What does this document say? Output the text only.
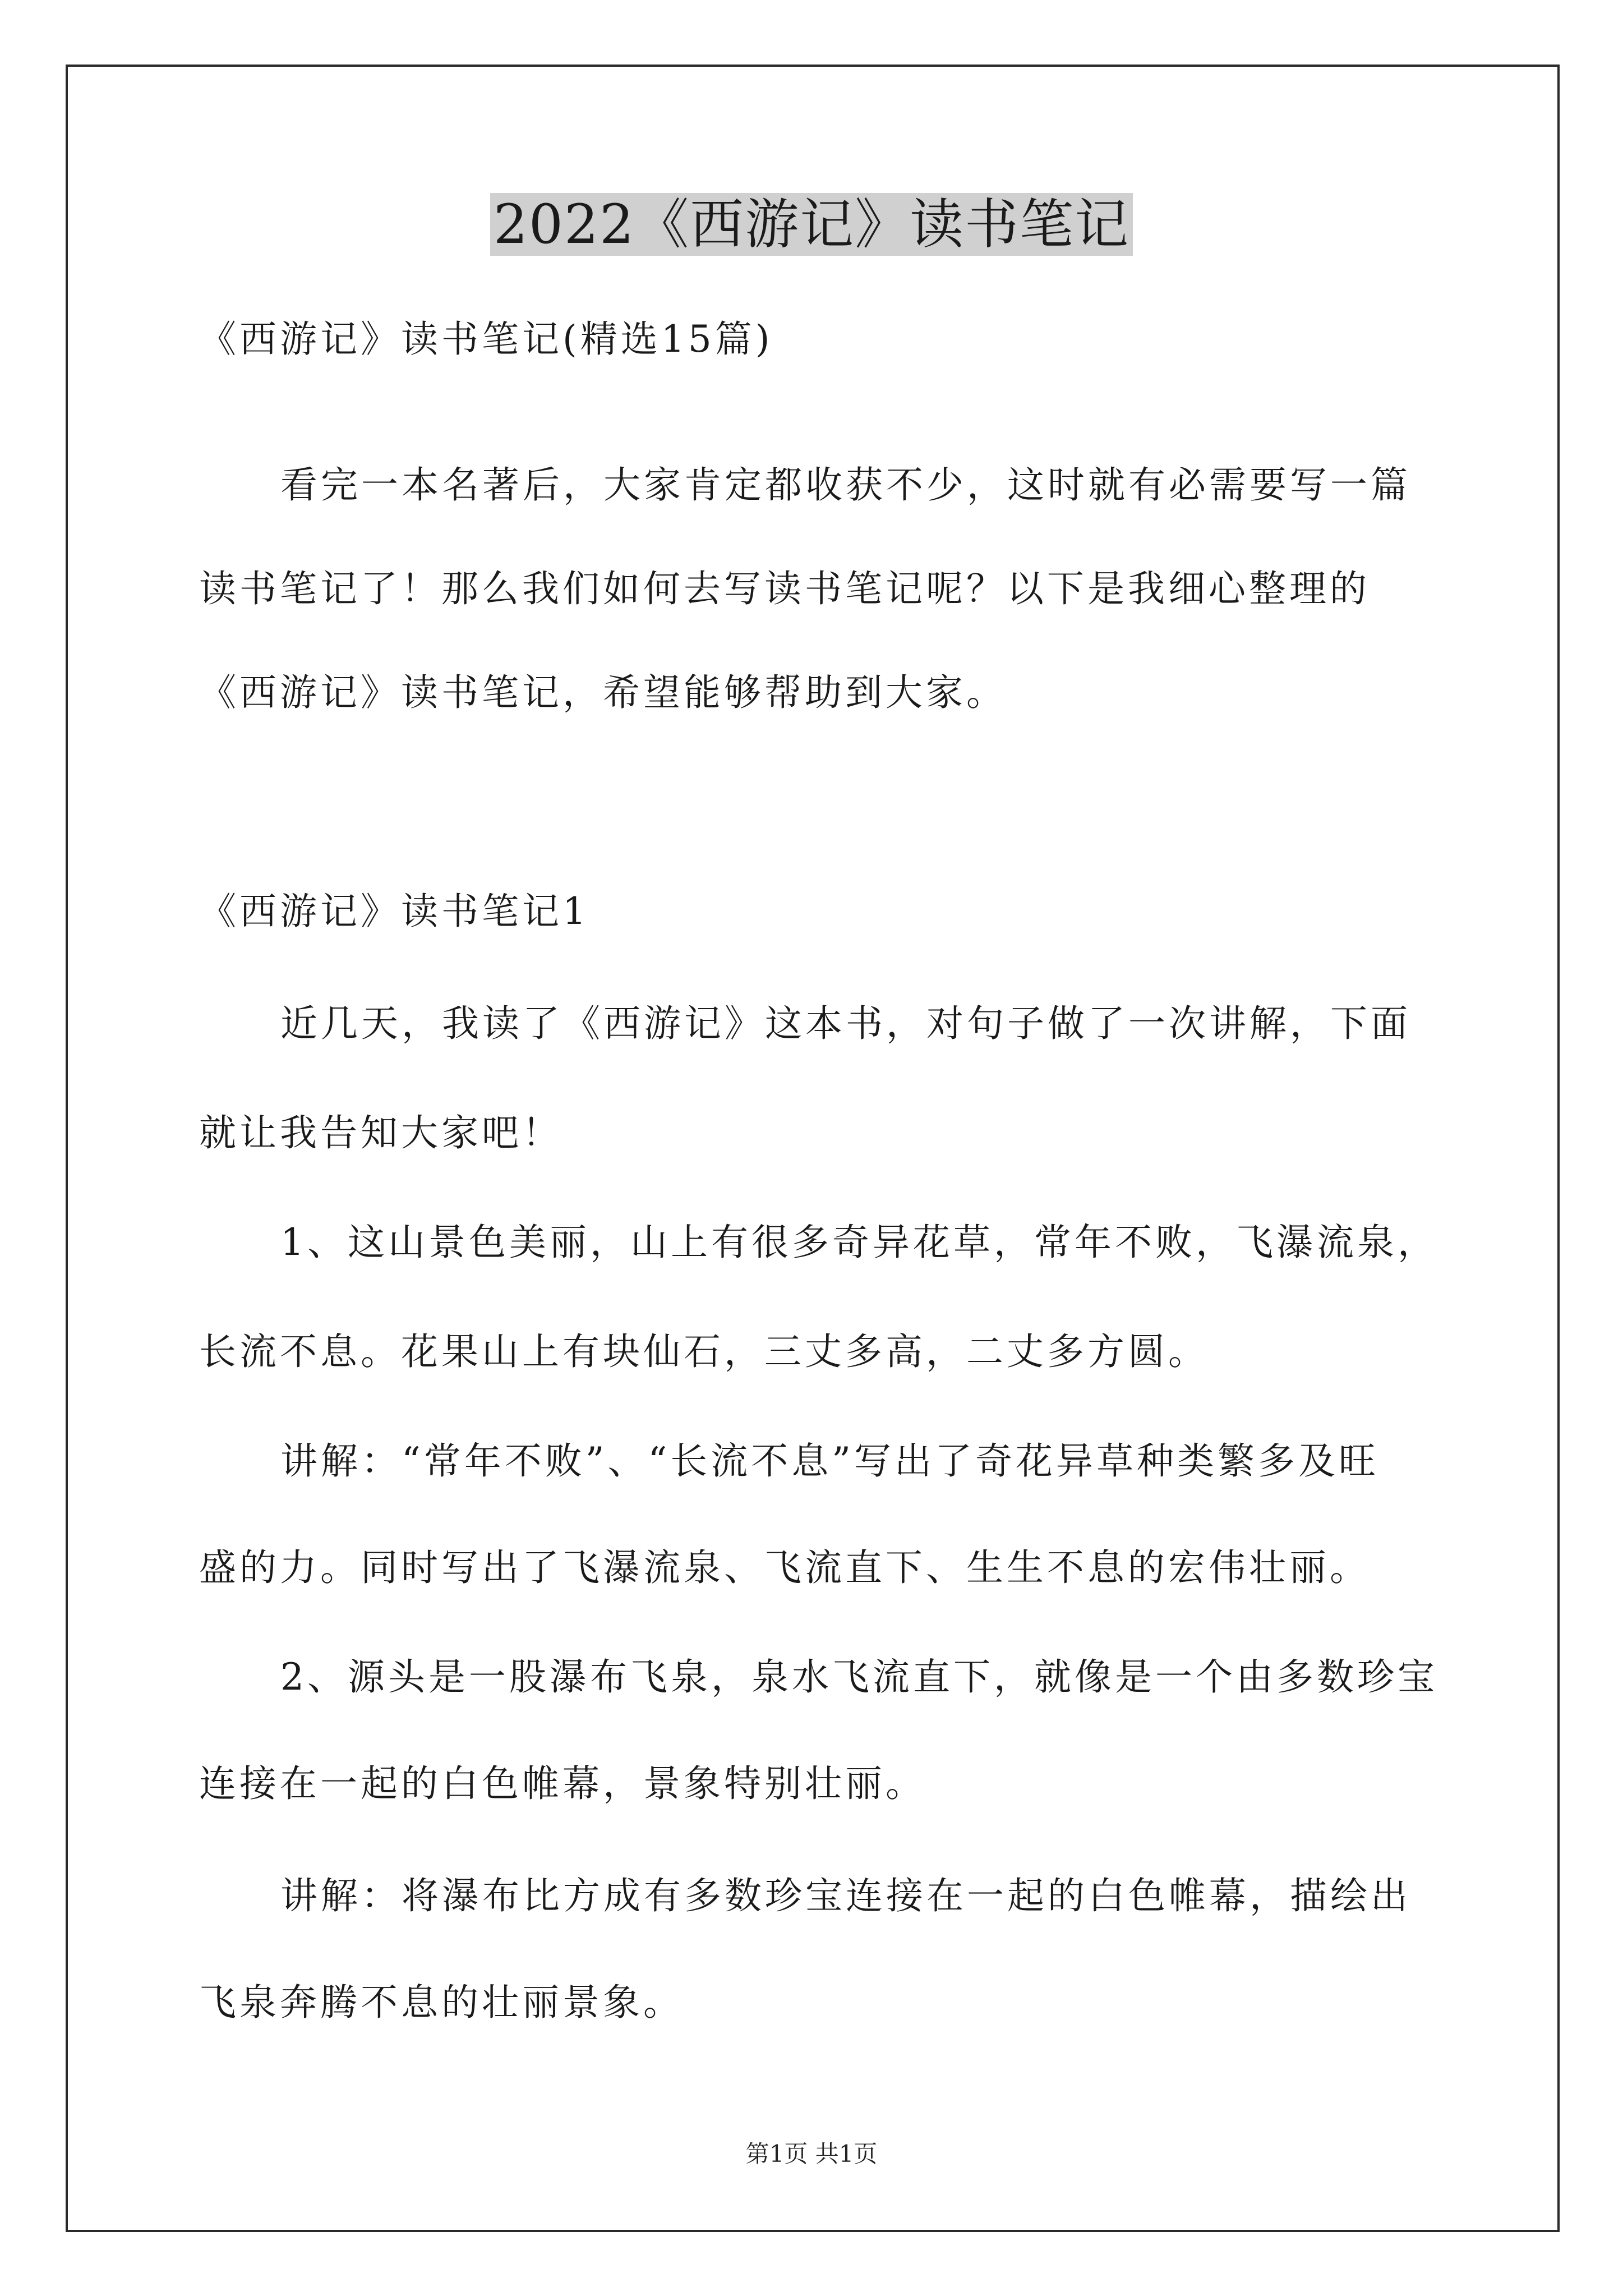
2022《西游记》读书笔记
《西游记》读书笔记(精选15篇)
看完一本名著后，大家肯定都收获不少，这时就有必需要写一篇
读书笔记了！那么我们如何去写读书笔记呢？以下是我细心整理的
《西游记》读书笔记，希望能够帮助到大家。
《西游记》读书笔记1
近几天，我读了《西游记》这本书，对句子做了一次讲解，下面
就让我告知大家吧！
1、这山景色美丽，山上有很多奇异花草，常年不败，飞瀑流泉，
长流不息。花果山上有块仙石，三丈多高，二丈多方圆。
讲解：“常年不败”、“长流不息”写出了奇花异草种类繁多及旺
盛的力。同时写出了飞瀑流泉、飞流直下、生生不息的宏伟壮丽。
2、源头是一股瀑布飞泉，泉水飞流直下，就像是一个由多数珍宝
连接在一起的白色帷幕，景象特别壮丽。
讲解：将瀑布比方成有多数珍宝连接在一起的白色帷幕，描绘出
飞泉奔腾不息的壮丽景象。
第1页 共1页
